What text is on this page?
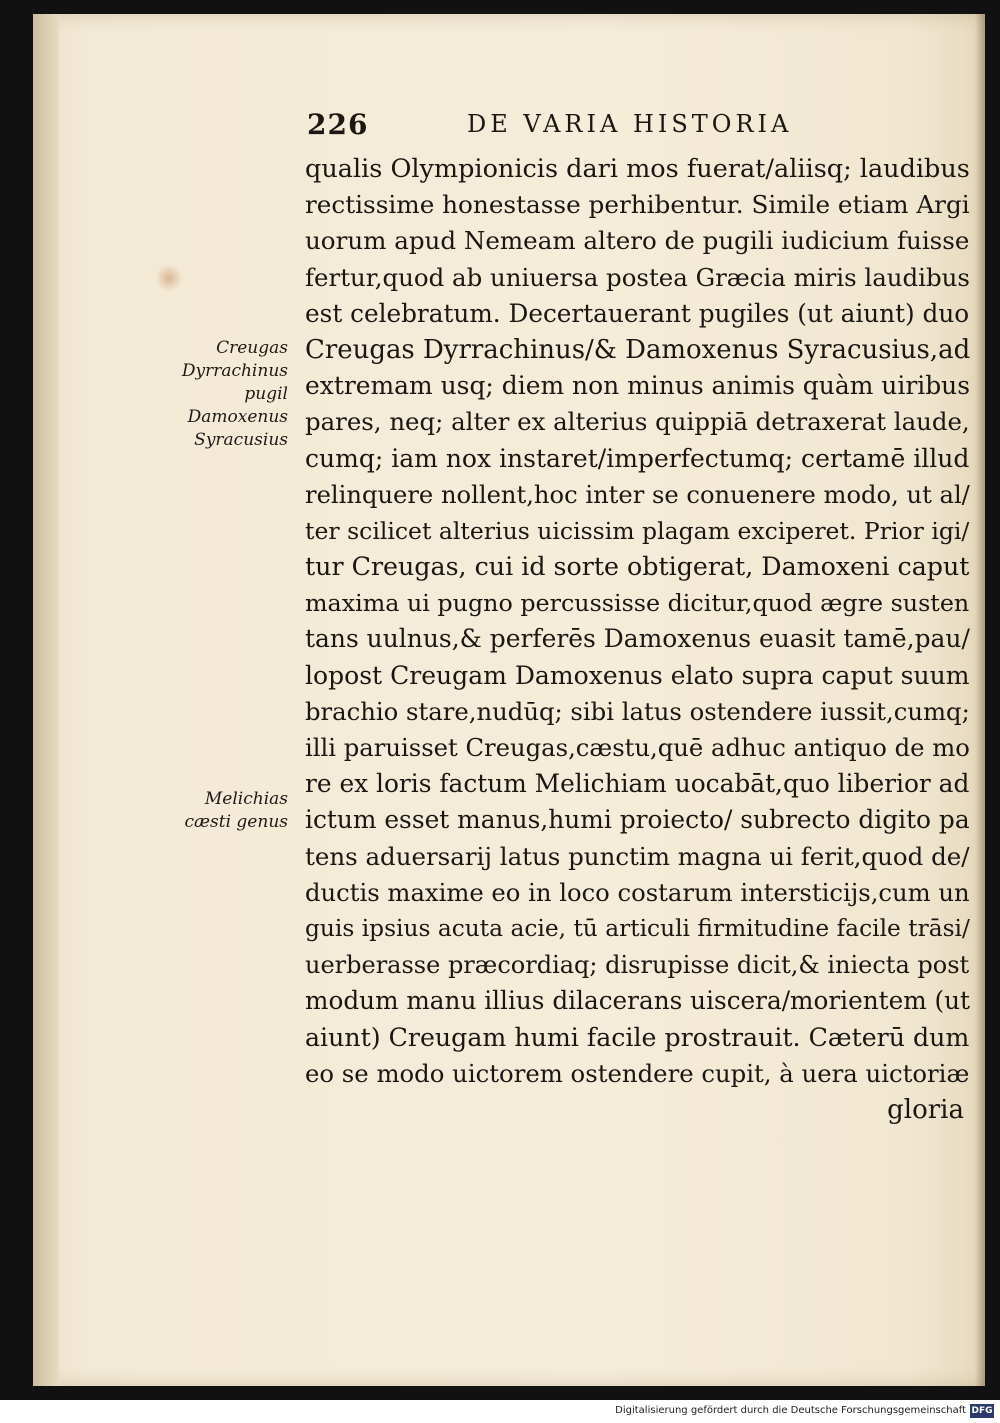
226	DE VARIA HISTORIA
Creugas
Dyrrachinus
pugil
Damoxenus
Syracusius
Melichias
cæsti genus
qualis Olympionicis dari mos fuerat/aliisq; laudibus
rectissime honestasse perhibentur. Simile etiam Argi
uorum apud Nemeam altero de pugili iudicium fuisse
fertur,quod ab uniuersa postea Græcia miris laudibus
est celebratum. Decertauerant pugiles (ut aiunt) duo
Creugas Dyrrachinus/& Damoxenus Syracusius,ad
extremam usq; diem non minus animis quàm uiribus
pares, neq; alter ex alterius quippiā detraxerat laude,
cumq; iam nox instaret/imperfectumq; certamē illud
relinquere nollent,hoc inter se conuenere modo, ut al/
ter scilicet alterius uicissim plagam exciperet. Prior igi/
tur Creugas, cui id sorte obtigerat, Damoxeni caput
maxima ui pugno percussisse dicitur,quod ægre susten
tans uulnus,& perferēs Damoxenus euasit tamē,pau/
lopost Creugam Damoxenus elato supra caput suum
brachio stare,nudūq; sibi latus ostendere iussit,cumq;
illi paruisset Creugas,cæstu,quē adhuc antiquo de mo
re ex loris factum Melichiam uocabāt,quo liberior ad
ictum esset manus,humi proiecto/ subrecto digito pa
tens aduersarij latus punctim magna ui ferit,quod de/
ductis maxime eo in loco costarum intersticijs,cum un
guis ipsius acuta acie, tū articuli firmitudine facile trāsi/
uerberasse præcordiaq; disrupisse dicit,& iniecta post
modum manu illius dilacerans uiscera/morientem (ut
aiunt) Creugam humi facile prostrauit. Cæterū dum
eo se modo uictorem ostendere cupit, à uera uictoriæ
gloria
Digitalisierung gefördert durch die Deutsche Forschungsgemeinschaft DFG
